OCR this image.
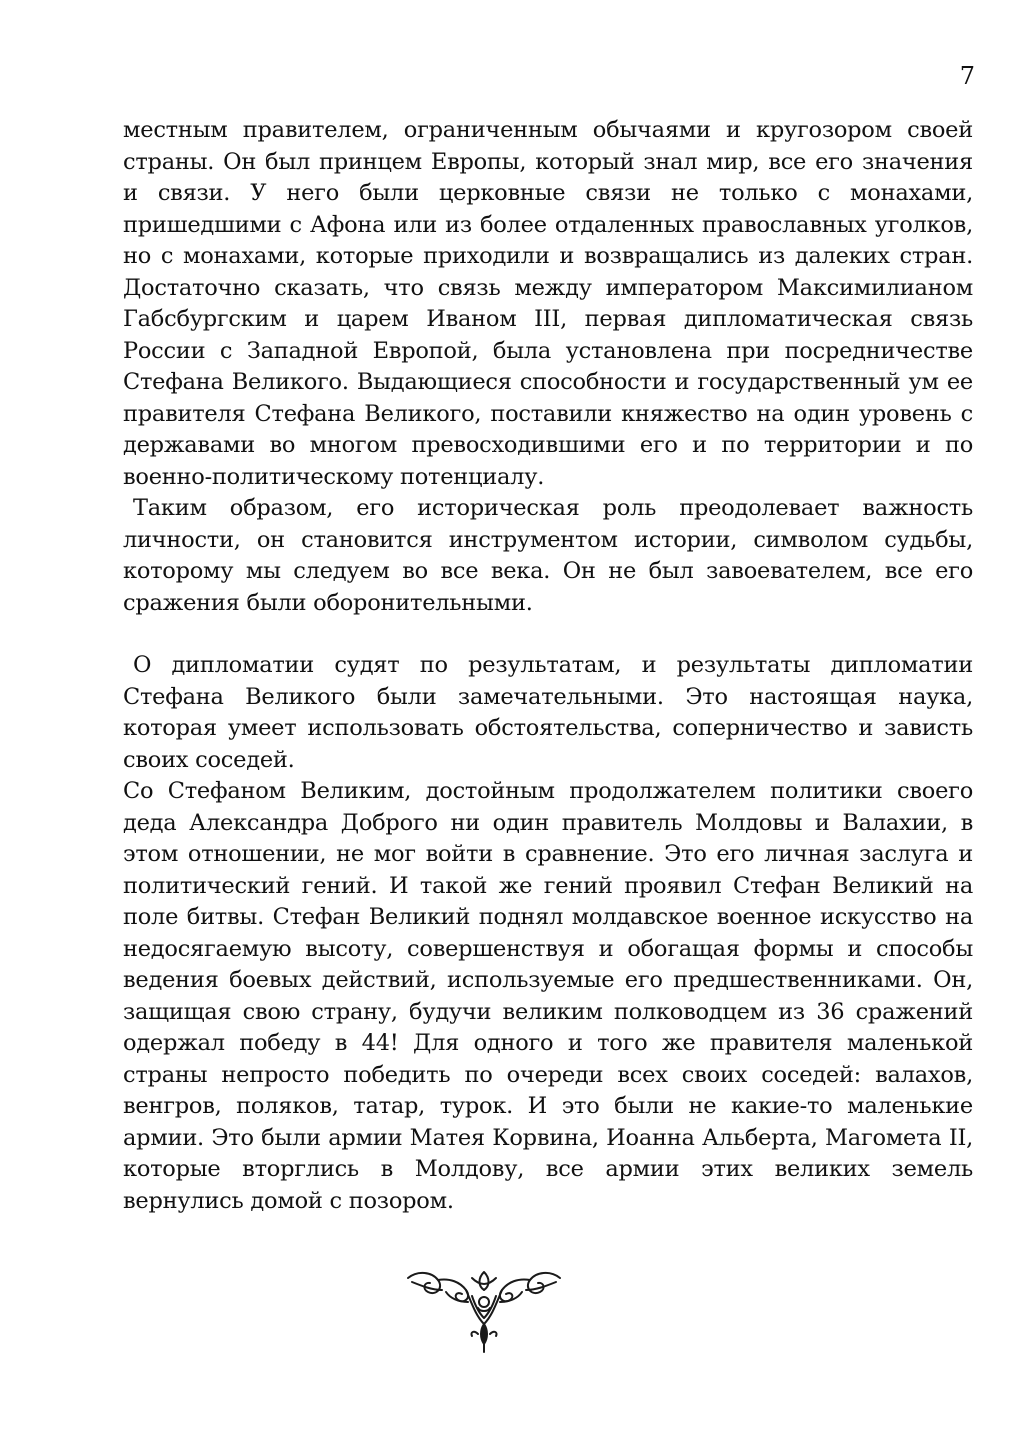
7

местным правителем, ограниченным обычаями и кругозором своей страны. Он был принцем Европы, который знал мир, все его значения и связи. У него были церковные связи не только с монахами, пришедшими с Афона или из более отдаленных православных уголков, но с монахами, которые приходили и возвращались из далеких стран. Достаточно сказать, что связь между императором Максимилианом Габсбургским и царем Иваном III, первая дипломатическая связь России с Западной Европой, была установлена при посредничестве Стефана Великого. Выдающиеся способности и государственный ум ее правителя Стефана Великого, поставили княжество на один уровень с державами во многом превосходившими его и по территории и по военно-политическому потенциалу.

Таким образом, его историческая роль преодолевает важность личности, он становится инструментом истории, символом судьбы, которому мы следуем во все века. Он не был завоевателем, все его сражения были оборонительными.

О дипломатии судят по результатам, и результаты дипломатии Стефана Великого были замечательными. Это настоящая наука, которая умеет использовать обстоятельства, соперничество и зависть своих соседей.

Со Стефаном Великим, достойным продолжателем политики своего деда Александра Доброго ни один правитель Молдовы и Валахии, в этом отношении, не мог войти в сравнение. Это его личная заслуга и политический гений. И такой же гений проявил Стефан Великий на поле битвы. Стефан Великий поднял молдавское военное искусство на недосягаемую высоту, совершенствуя и обогащая формы и способы ведения боевых действий, используемые его предшественниками. Он, защищая свою страну, будучи великим полководцем из 36 сражений одержал победу в 44! Для одного и того же правителя маленькой страны непросто победить по очереди всех своих соседей: валахов, венгров, поляков, татар, турок. И это были не какие-то маленькие армии. Это были армии Матея Корвина, Иоанна Альберта, Магомета II, которые вторглись в Молдову, все армии этих великих земель вернулись домой с позором.
